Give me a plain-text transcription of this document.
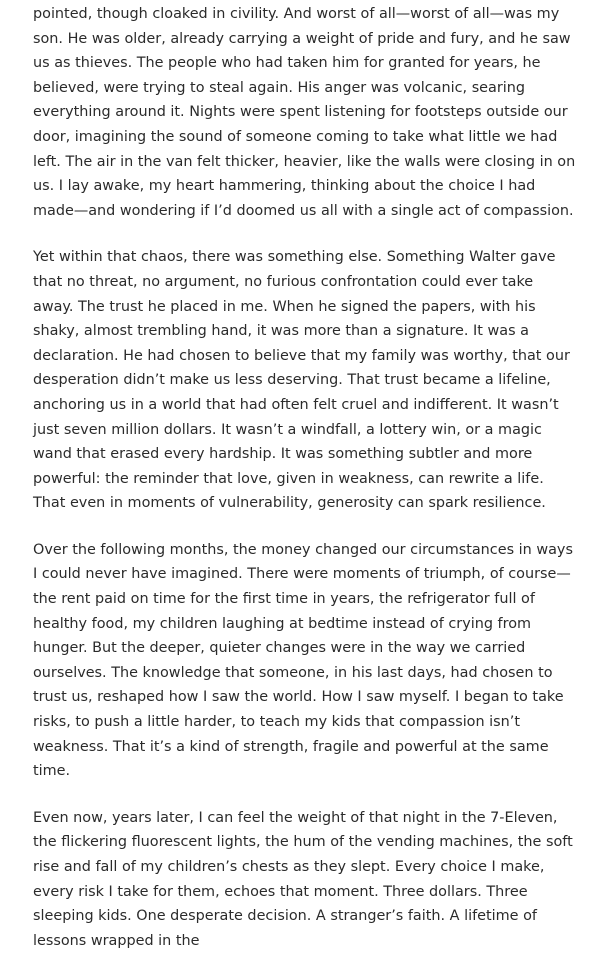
pointed, though cloaked in civility. And worst of all—worst of all—was my son. He was older, already carrying a weight of pride and fury, and he saw us as thieves. The people who had taken him for granted for years, he believed, were trying to steal again. His anger was volcanic, searing everything around it. Nights were spent listening for footsteps outside our door, imagining the sound of someone coming to take what little we had left. The air in the van felt thicker, heavier, like the walls were closing in on us. I lay awake, my heart hammering, thinking about the choice I had made—and wondering if I’d doomed us all with a single act of compassion.

Yet within that chaos, there was something else. Something Walter gave that no threat, no argument, no furious confrontation could ever take away. The trust he placed in me. When he signed the papers, with his shaky, almost trembling hand, it was more than a signature. It was a declaration. He had chosen to believe that my family was worthy, that our desperation didn’t make us less deserving. That trust became a lifeline, anchoring us in a world that had often felt cruel and indifferent. It wasn’t just seven million dollars. It wasn’t a windfall, a lottery win, or a magic wand that erased every hardship. It was something subtler and more powerful: the reminder that love, given in weakness, can rewrite a life. That even in moments of vulnerability, generosity can spark resilience.

Over the following months, the money changed our circumstances in ways I could never have imagined. There were moments of triumph, of course—the rent paid on time for the first time in years, the refrigerator full of healthy food, my children laughing at bedtime instead of crying from hunger. But the deeper, quieter changes were in the way we carried ourselves. The knowledge that someone, in his last days, had chosen to trust us, reshaped how I saw the world. How I saw myself. I began to take risks, to push a little harder, to teach my kids that compassion isn’t weakness. That it’s a kind of strength, fragile and powerful at the same time.

Even now, years later, I can feel the weight of that night in the 7-Eleven, the flickering fluorescent lights, the hum of the vending machines, the soft rise and fall of my children’s chests as they slept. Every choice I make, every risk I take for them, echoes that moment. Three dollars. Three sleeping kids. One desperate decision. A stranger’s faith. A lifetime of lessons wrapped in the
